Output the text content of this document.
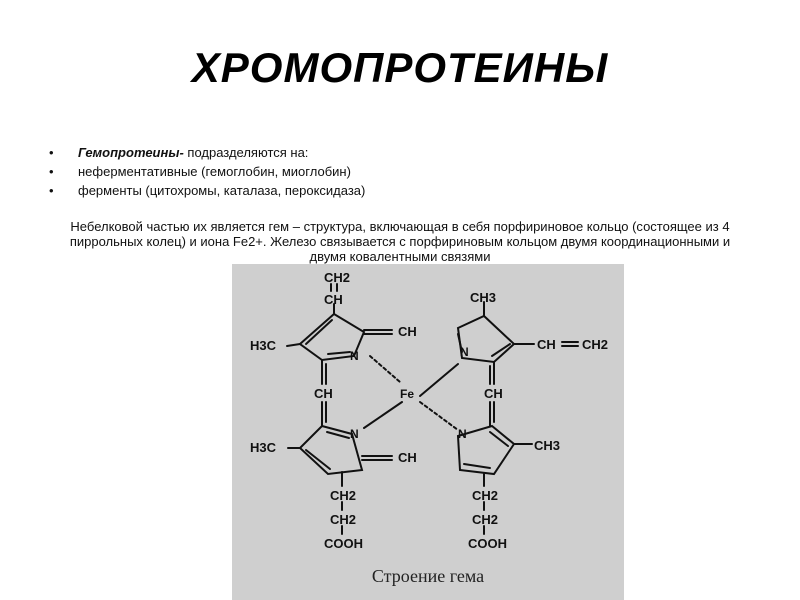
ХРОМОПРОТЕИНЫ
• Гемопротеины- подразделяются на:
• неферментативные (гемоглобин, миоглобин)
• ферменты (цитохромы, каталаза, пероксидаза)
Небелковой частью их является гем – структура, включающая в себя порфириновое кольцо (состоящее из 4 пиррольных колец) и иона Fe2+. Железо связывается с порфириновым кольцом двумя координационными и двумя ковалентными связями
CH2
CH	CH3
H3C
CH
CH CH2
N	N
Fe
CH	CH
H3C	CH3
N	N
CH
CH2
CH2
COOH
CH2
CH2
COOH
Строение гема
